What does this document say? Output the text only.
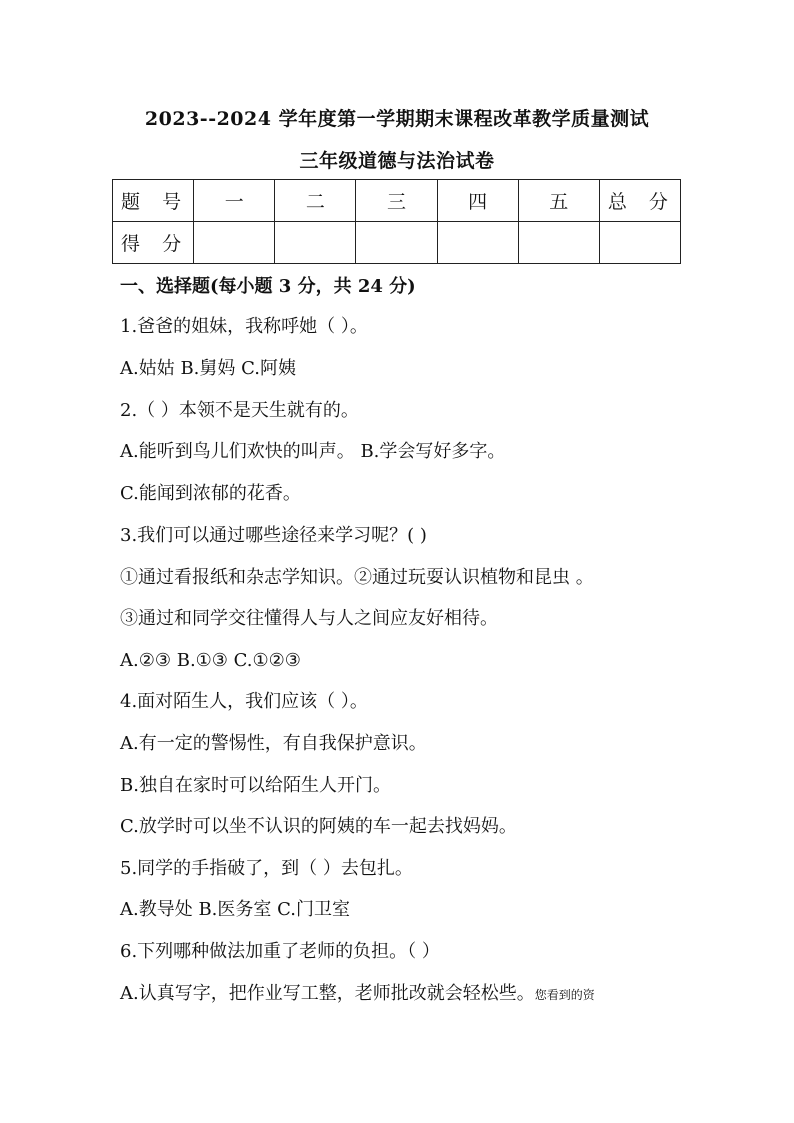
2023--2024 学年度第一学期期末课程改革教学质量测试
三年级道德与法治试卷
题 号	一	二	三	四	五	总 分
得 分						
一、选择题(每小题 3 分，共 24 分)
1.爸爸的姐妹，我称呼她（ ）。
A.姑姑 B.舅妈 C.阿姨
2.（ ）本领不是天生就有的。
A.能听到鸟儿们欢快的叫声。 B.学会写好多字。
C.能闻到浓郁的花香。
3.我们可以通过哪些途径来学习呢？( )
①通过看报纸和杂志学知识。②通过玩耍认识植物和昆虫 。
③通过和同学交往懂得人与人之间应友好相待。
A.②③ B.①③ C.①②③
4.面对陌生人，我们应该（ ）。
A.有一定的警惕性，有自我保护意识。
B.独自在家时可以给陌生人开门。
C.放学时可以坐不认识的阿姨的车一起去找妈妈。
5.同学的手指破了，到（ ）去包扎。
A.教导处 B.医务室 C.门卫室
6.下列哪种做法加重了老师的负担。（ ）
A.认真写字，把作业写工整，老师批改就会轻松些。您看到的资
